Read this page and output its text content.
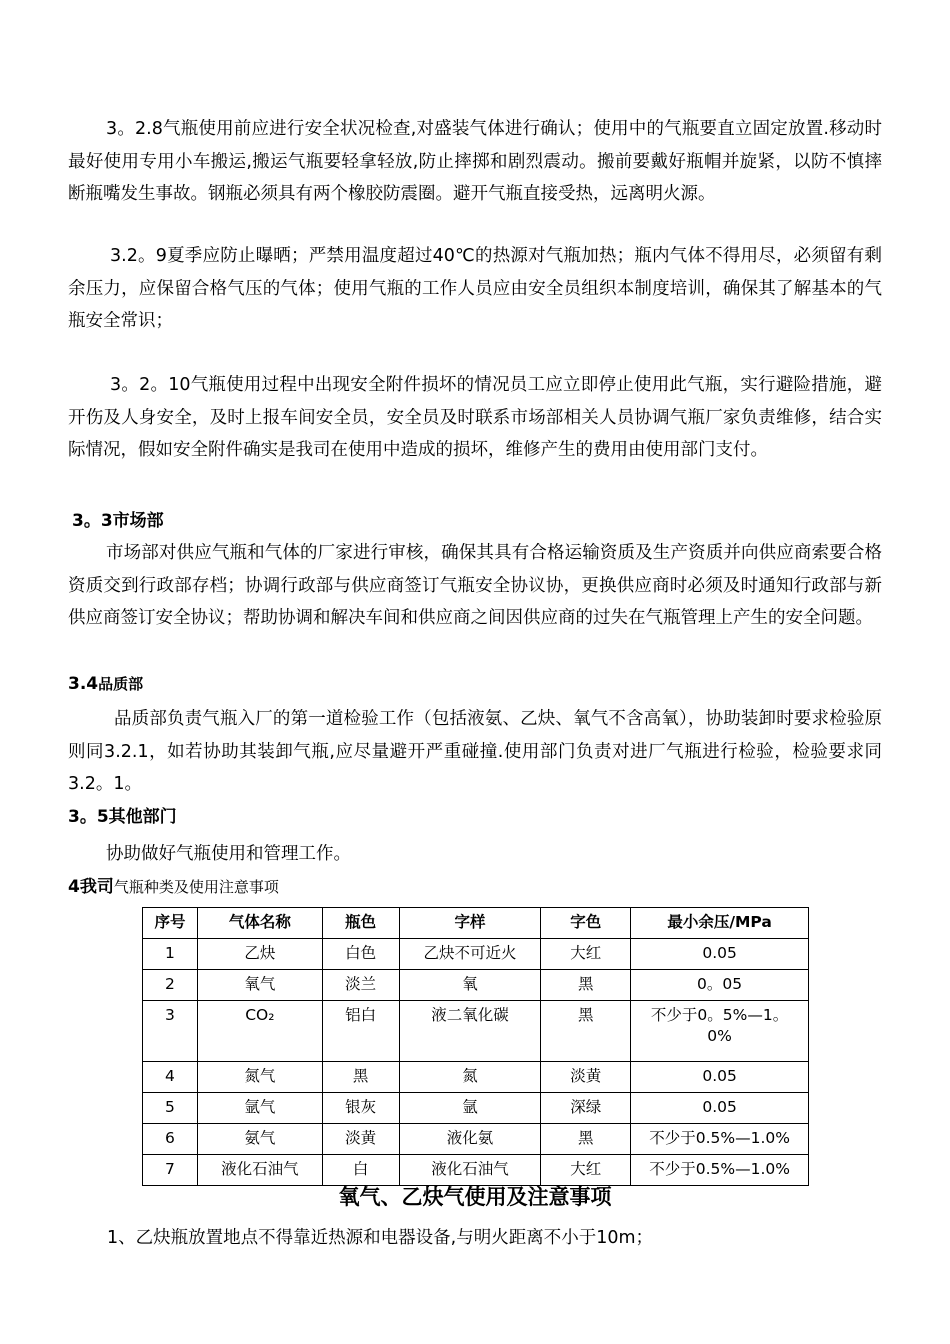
3。2.8气瓶使用前应进行安全状况检查,对盛装气体进行确认；使用中的气瓶要直立固定放置.移动时最好使用专用小车搬运,搬运气瓶要轻拿轻放,防止摔掷和剧烈震动。搬前要戴好瓶帽并旋紧，以防不慎摔断瓶嘴发生事故。钢瓶必须具有两个橡胶防震圈。避开气瓶直接受热，远离明火源。

3.2。9夏季应防止曝晒；严禁用温度超过40℃的热源对气瓶加热；瓶内气体不得用尽，必须留有剩余压力，应保留合格气压的气体；使用气瓶的工作人员应由安全员组织本制度培训，确保其了解基本的气瓶安全常识；

3。2。10气瓶使用过程中出现安全附件损坏的情况员工应立即停止使用此气瓶，实行避险措施，避开伤及人身安全，及时上报车间安全员，安全员及时联系市场部相关人员协调气瓶厂家负责维修，结合实际情况，假如安全附件确实是我司在使用中造成的损坏，维修产生的费用由使用部门支付。

3。3市场部

市场部对供应气瓶和气体的厂家进行审核，确保其具有合格运输资质及生产资质并向供应商索要合格资质交到行政部存档；协调行政部与供应商签订气瓶安全协议协，更换供应商时必须及时通知行政部与新供应商签订安全协议；帮助协调和解决车间和供应商之间因供应商的过失在气瓶管理上产生的安全问题。

3.4品质部

品质部负责气瓶入厂的第一道检验工作（包括液氨、乙炔、氧气不含高氧），协助装卸时要求检验原则同3.2.1，如若协助其装卸气瓶,应尽量避开严重碰撞.使用部门负责对进厂气瓶进行检验，检验要求同3.2。1。

3。5其他部门

协助做好气瓶使用和管理工作。

4我司气瓶种类及使用注意事项

序号	气体名称	瓶色	字样	字色	最小余压/MPa
1	乙炔	白色	乙炔不可近火	大红	0.05
2	氧气	淡兰	氧	黑	0。05
3	CO₂	铝白	液二氧化碳	黑	不少于0。5%—1。0%
4	氮气	黑	氮	淡黄	0.05
5	氩气	银灰	氩	深绿	0.05
6	氨气	淡黄	液化氨	黑	不少于0.5%—1.0%
7	液化石油气	白	液化石油气	大红	不少于0.5%—1.0%

氧气、乙炔气使用及注意事项

1、乙炔瓶放置地点不得靠近热源和电器设备,与明火距离不小于10m；
